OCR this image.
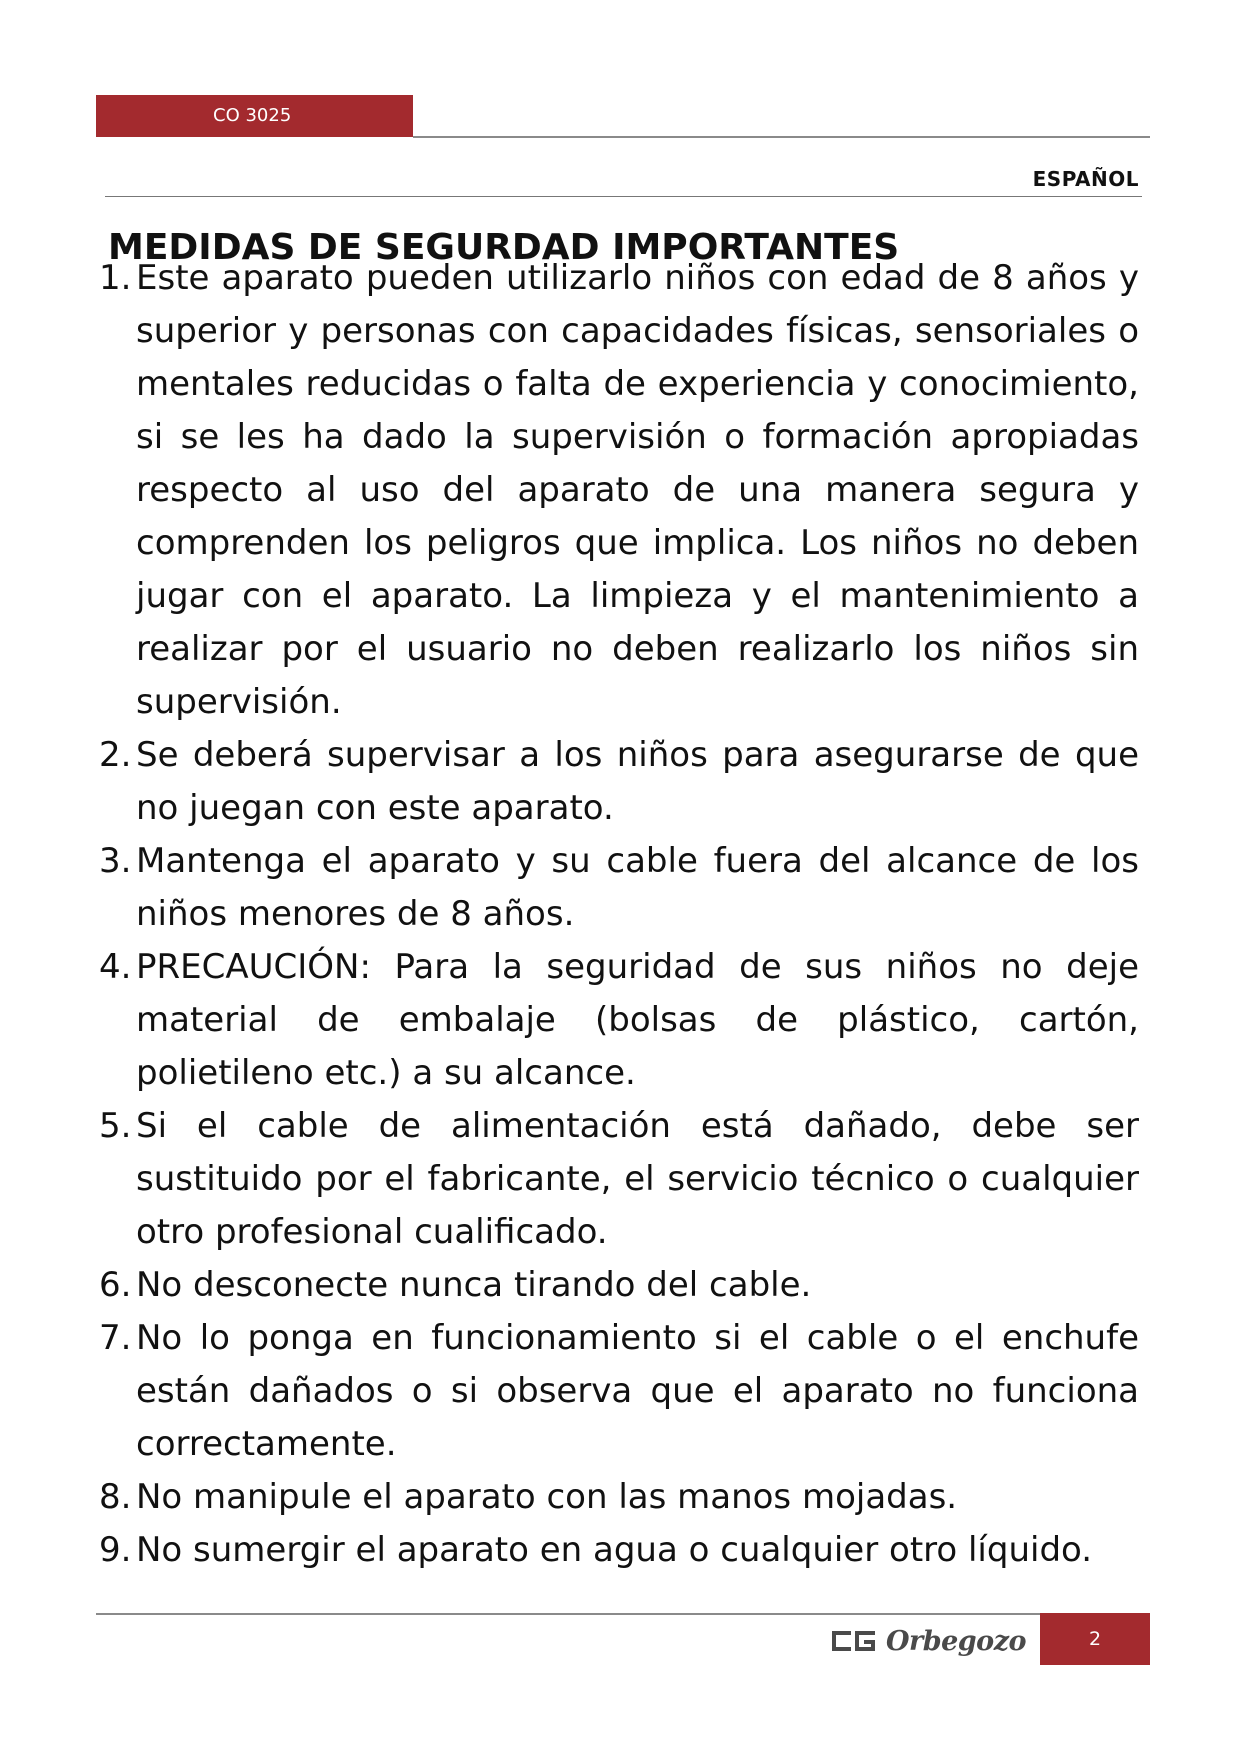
CO 3025
ESPAÑOL
MEDIDAS DE SEGURDAD IMPORTANTES
1. Este aparato pueden utilizarlo niños con edad de 8 años y superior y personas con capacidades físicas, sensoriales o mentales reducidas o falta de experiencia y conocimiento, si se les ha dado la supervisión o formación apropiadas respecto al uso del aparato de una manera segura y comprenden los peligros que implica. Los niños no deben jugar con el aparato. La limpieza y el mantenimiento a realizar por el usuario no deben realizarlo los niños sin supervisión.
2. Se deberá supervisar a los niños para asegurarse de que no juegan con este aparato.
3. Mantenga el aparato y su cable fuera del alcance de los niños menores de 8 años.
4. PRECAUCIÓN: Para la seguridad de sus niños no deje material de embalaje (bolsas de plástico, cartón, polietileno etc.) a su alcance.
5. Si el cable de alimentación está dañado, debe ser sustituido por el fabricante, el servicio técnico o cualquier otro profesional cualificado.
6. No desconecte nunca tirando del cable.
7. No lo ponga en funcionamiento si el cable o el enchufe están dañados o si observa que el aparato no funciona correctamente.
8. No manipule el aparato con las manos mojadas.
9. No sumergir el aparato en agua o cualquier otro líquido.
Orbegozo	2
